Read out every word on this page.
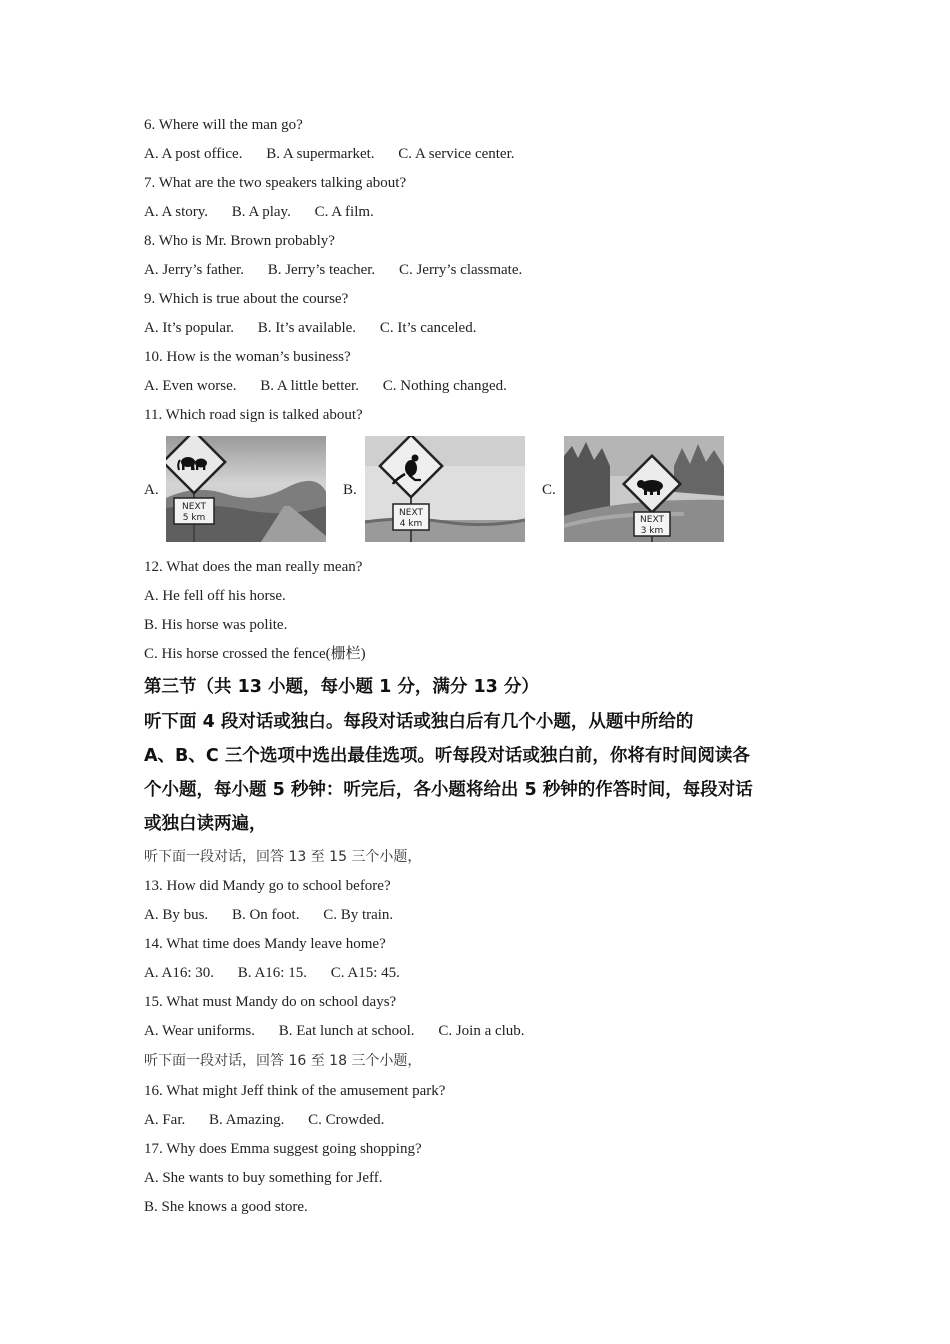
6. Where will the man go?
A. A post office. B. A supermarket. C. A service center.
7. What are the two speakers talking about?
A. A story. B. A play. C. A film.
8. Who is Mr. Brown probably?
A. Jerry’s father. B. Jerry’s teacher. C. Jerry’s classmate.
9. Which is true about the course?
A. It’s popular. B. It’s available. C. It’s canceled.
10. How is the woman’s business?
A. Even worse. B. A little better. C. Nothing changed.
11. Which road sign is talked about?
A.
NEXT
5 km
B.
NEXT
4 km
C.
NEXT
3 km
12. What does the man really mean?
A. He fell off his horse.
B. His horse was polite.
C. His horse crossed the fence(栅栏)
第三节（共 13 小题，每小题 1 分，满分 13 分）
听下面 4 段对话或独白。每段对话或独白后有几个小题，从题中所给的
A、B、C 三个选项中选出最佳选项。听每段对话或独白前，你将有时间阅读各
个小题，每小题 5 秒钟：听完后，各小题将给出 5 秒钟的作答时间，每段对话
或独白读两遍，
听下面一段对话，回答 13 至 15 三个小题，
13. How did Mandy go to school before?
A. By bus. B. On foot. C. By train.
14. What time does Mandy leave home?
A. A16: 30. B. A16: 15. C. A15: 45.
15. What must Mandy do on school days?
A. Wear uniforms. B. Eat lunch at school. C. Join a club.
听下面一段对话，回答 16 至 18 三个小题，
16. What might Jeff think of the amusement park?
A. Far. B. Amazing. C. Crowded.
17. Why does Emma suggest going shopping?
A. She wants to buy something for Jeff.
B. She knows a good store.
